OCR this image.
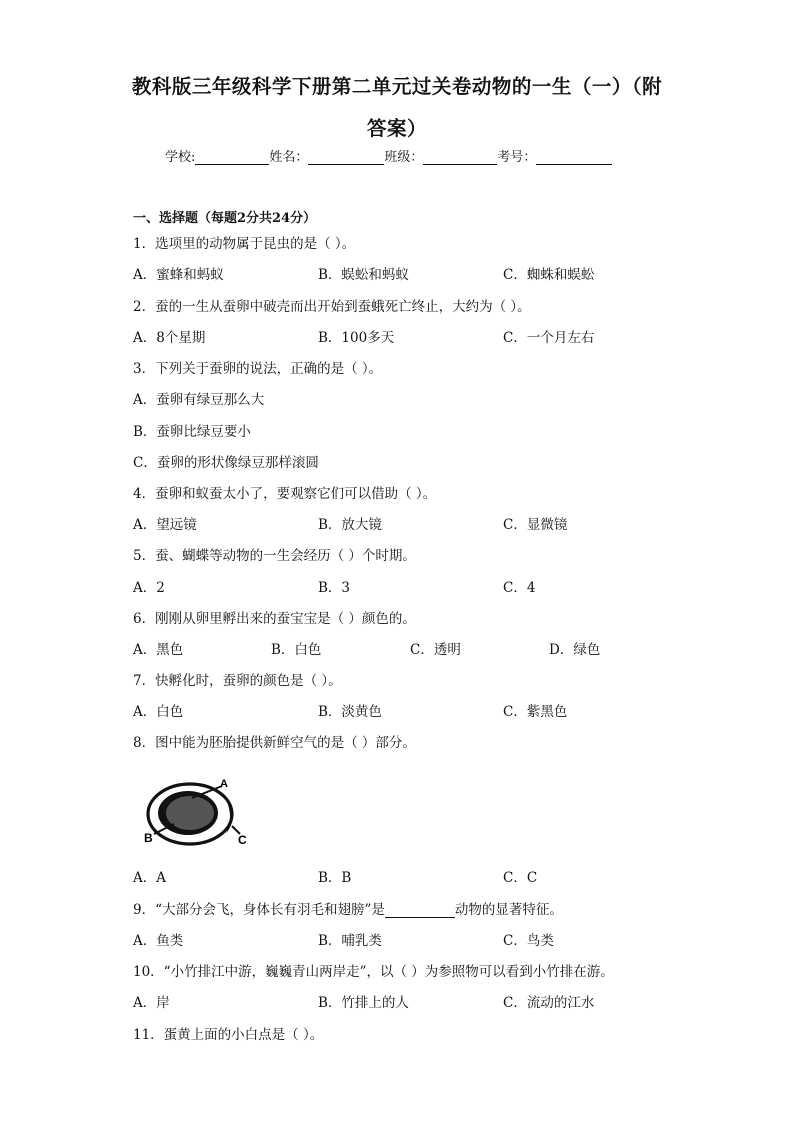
教科版三年级科学下册第二单元过关卷动物的一生（一）（附
答案）
学校:	姓名：	班级：	考号：
一、选择题（每题2分共24分）
1．选项里的动物属于昆虫的是（ ）。
A．蜜蜂和蚂蚁	B．蜈蚣和蚂蚁	C．蜘蛛和蜈蚣
2．蚕的一生从蚕卵中破壳而出开始到蚕蛾死亡终止，大约为（ ）。
A．8个星期	B．100多天	C．一个月左右
3．下列关于蚕卵的说法，正确的是（ ）。
A．蚕卵有绿豆那么大
B．蚕卵比绿豆要小
C．蚕卵的形状像绿豆那样滚圆
4．蚕卵和蚁蚕太小了，要观察它们可以借助（ ）。
A．望远镜	B．放大镜	C．显微镜
5．蚕、蝴蝶等动物的一生会经历（ ）个时期。
A．2	B．3	C．4
6．刚刚从卵里孵出来的蚕宝宝是（ ）颜色的。
A．黑色	B．白色	C．透明	D．绿色
7．快孵化时，蚕卵的颜色是（ ）。
A．白色	B．淡黄色	C．紫黑色
8．图中能为胚胎提供新鲜空气的是（ ）部分。
A
B	C
A．A	B．B	C．C
9．“大部分会飞，身体长有羽毛和翅膀”是	动物的显著特征。
A．鱼类	B．哺乳类	C．鸟类
10．“小竹排江中游，巍巍青山两岸走”，以（ ）为参照物可以看到小竹排在游。
A．岸	B．竹排上的人	C．流动的江水
11．蛋黄上面的小白点是（ ）。
